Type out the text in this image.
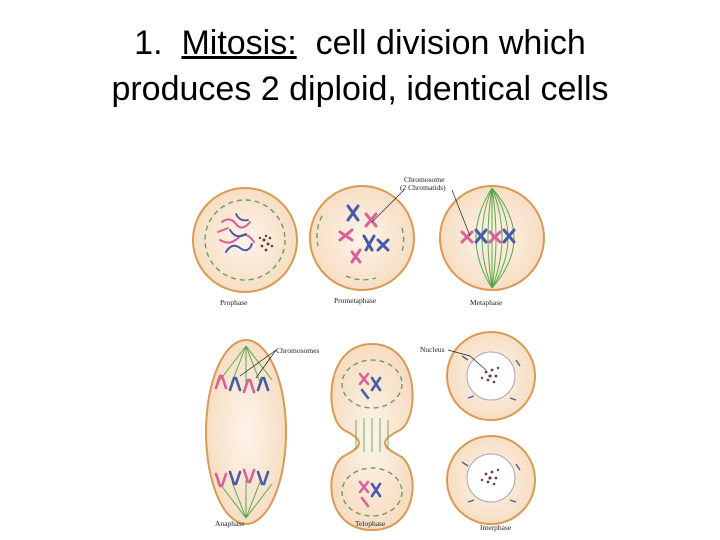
1. Mitosis: cell division which
produces 2 diploid, identical cells
Chromosome
(2 Chromatids)
Chromosomes	Nucleus
Prophase	Prometaphase	Metaphase
Anaphase	Telophase	Interphase
